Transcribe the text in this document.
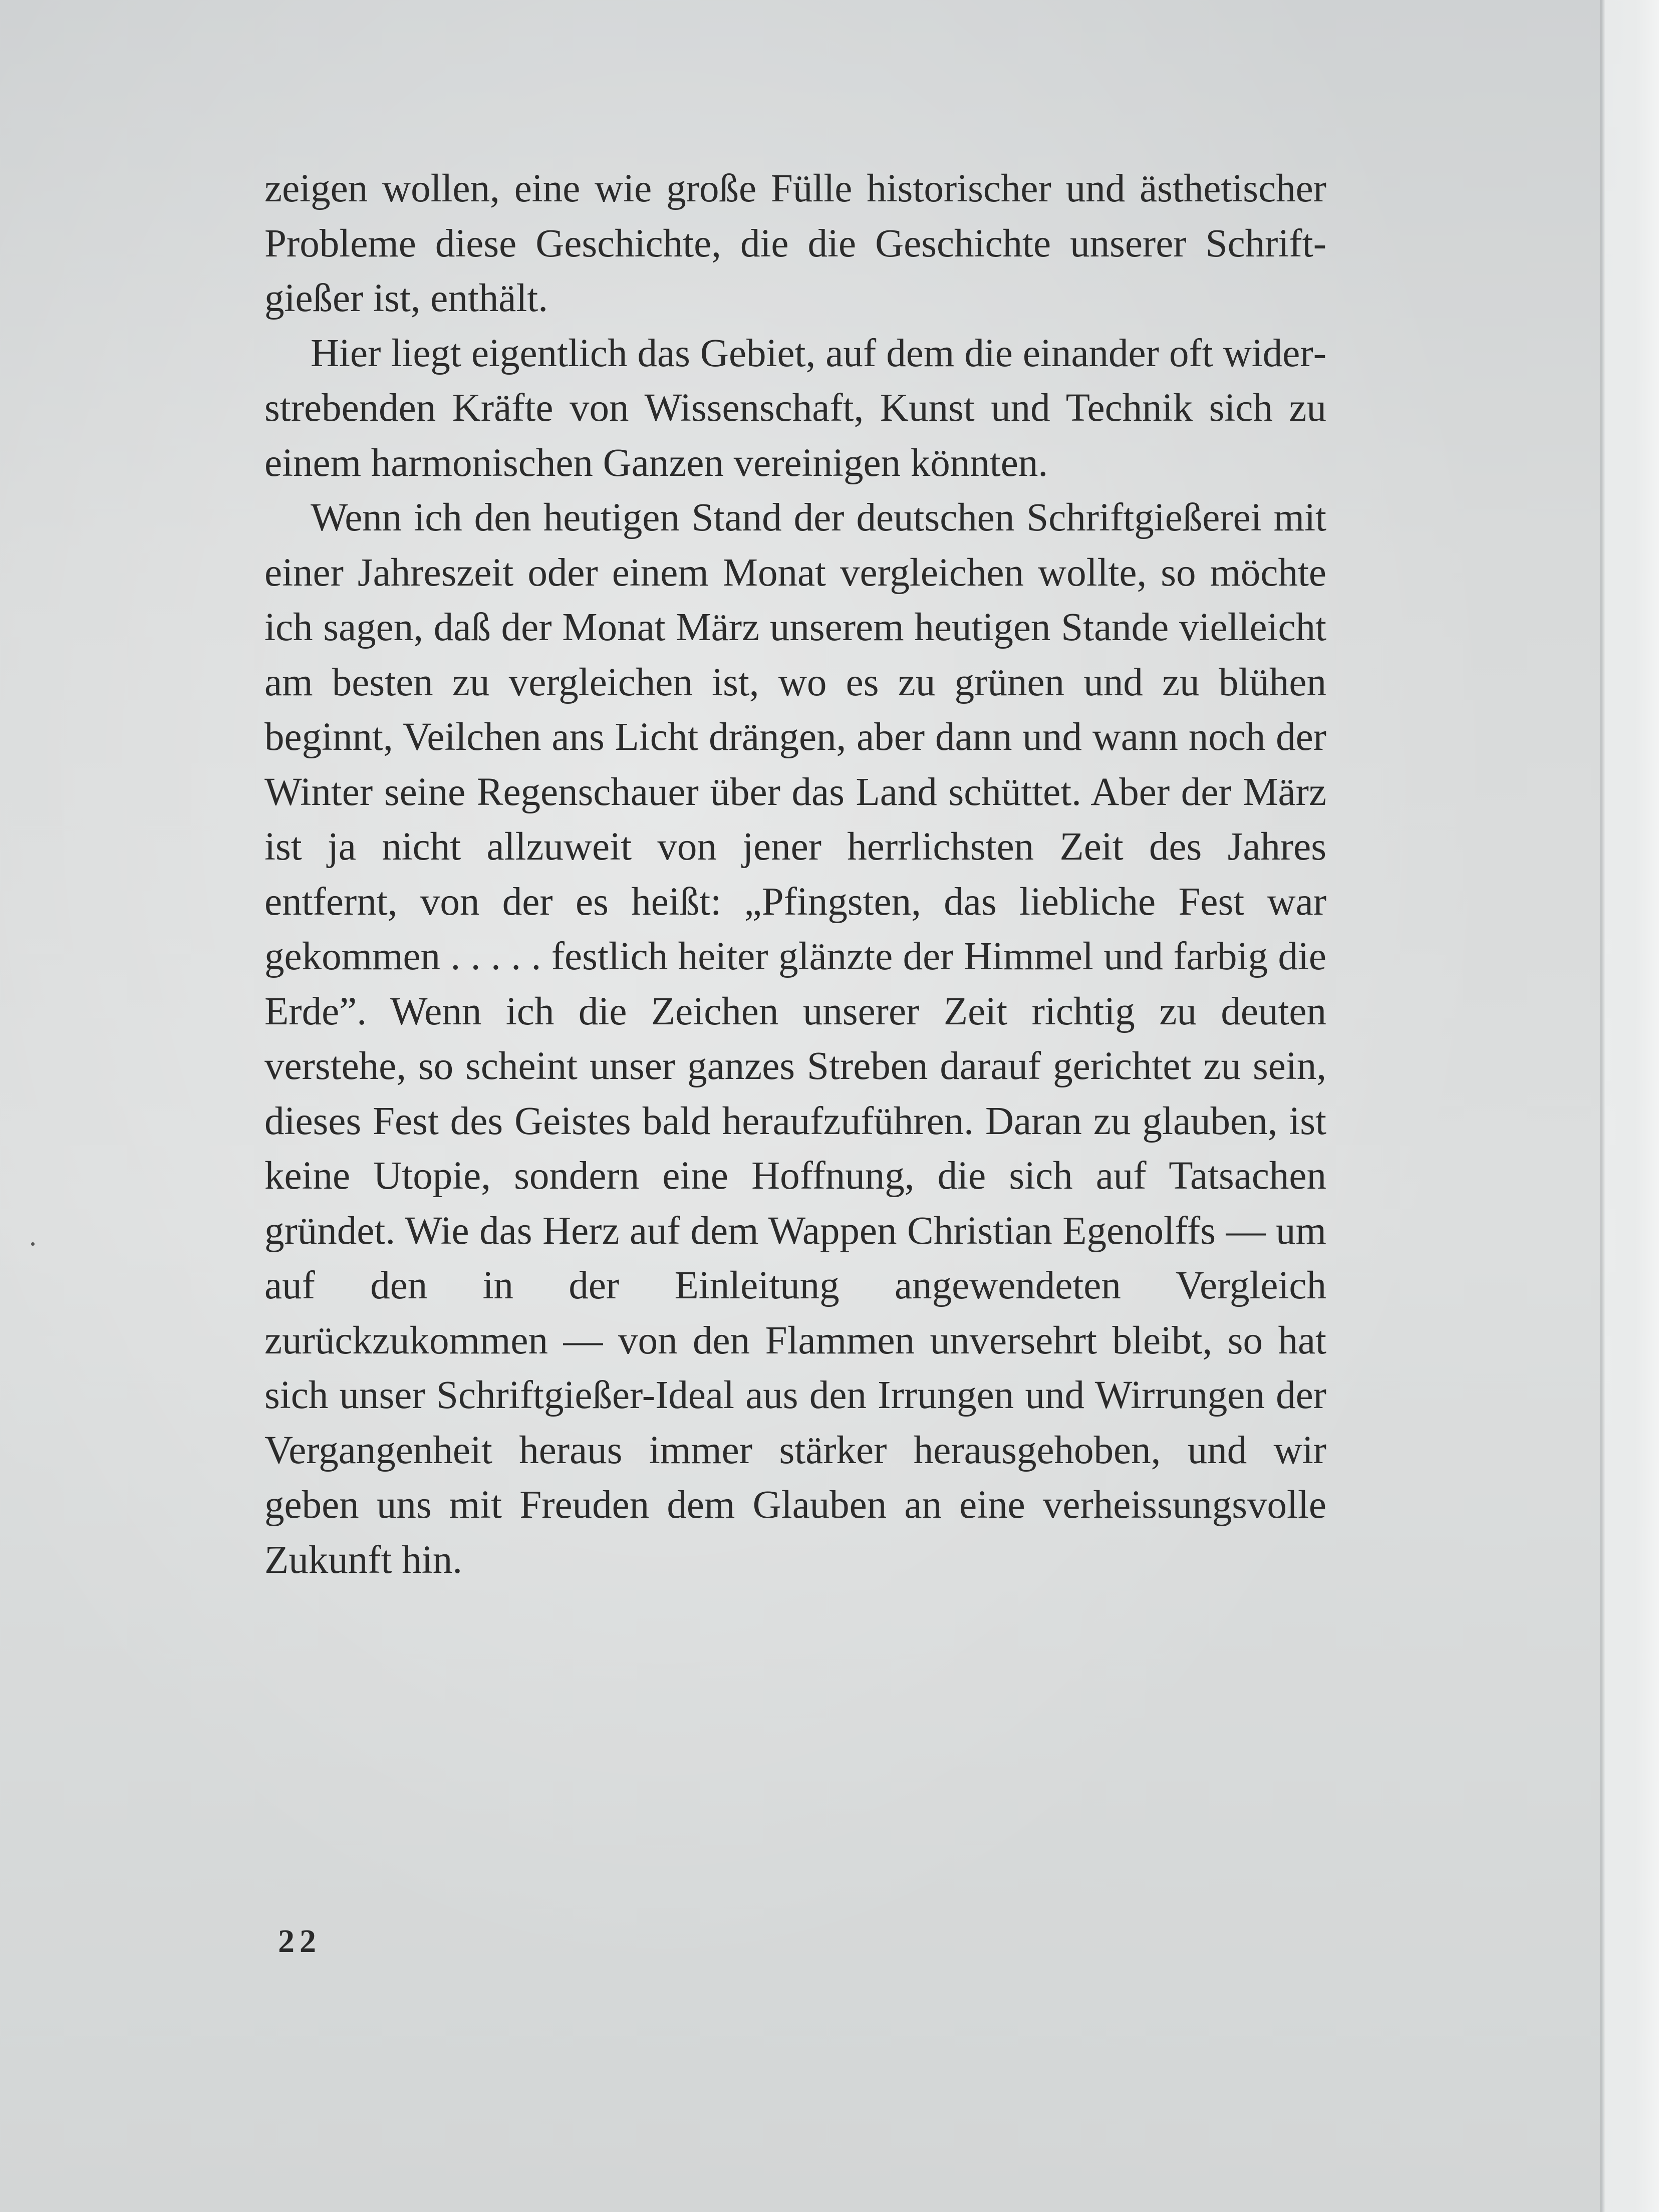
zeigen wollen, eine wie große Fülle historischer und ästhetischer Probleme diese Geschichte, die die Geschichte unserer Schriftgießer ist, enthält.

Hier liegt eigentlich das Gebiet, auf dem die einander oft widerstrebenden Kräfte von Wissenschaft, Kunst und Technik sich zu einem harmonischen Ganzen vereinigen könnten.

Wenn ich den heutigen Stand der deutschen Schriftgießerei mit einer Jahreszeit oder einem Monat vergleichen wollte, so möchte ich sagen, daß der Monat März unserem heutigen Stande vielleicht am besten zu vergleichen ist, wo es zu grünen und zu blühen beginnt, Veilchen ans Licht drängen, aber dann und wann noch der Winter seine Regenschauer über das Land schüttet. Aber der März ist ja nicht allzuweit von jener herrlichsten Zeit des Jahres entfernt, von der es heißt: „Pfingsten, das liebliche Fest war gekommen . . . . . festlich heiter glänzte der Himmel und farbig die Erde”. Wenn ich die Zeichen unserer Zeit richtig zu deuten verstehe, so scheint unser ganzes Streben darauf gerichtet zu sein, dieses Fest des Geistes bald heraufzuführen. Daran zu glauben, ist keine Utopie, sondern eine Hoffnung, die sich auf Tatsachen gründet. Wie das Herz auf dem Wappen Christian Egenolffs — um auf den in der Einleitung angewendeten Vergleich zurückzukommen — von den Flammen unversehrt bleibt, so hat sich unser Schriftgießer-Ideal aus den Irrungen und Wirrungen der Vergangenheit heraus immer stärker herausgehoben, und wir geben uns mit Freuden dem Glauben an eine verheissungsvolle Zukunft hin.

22
